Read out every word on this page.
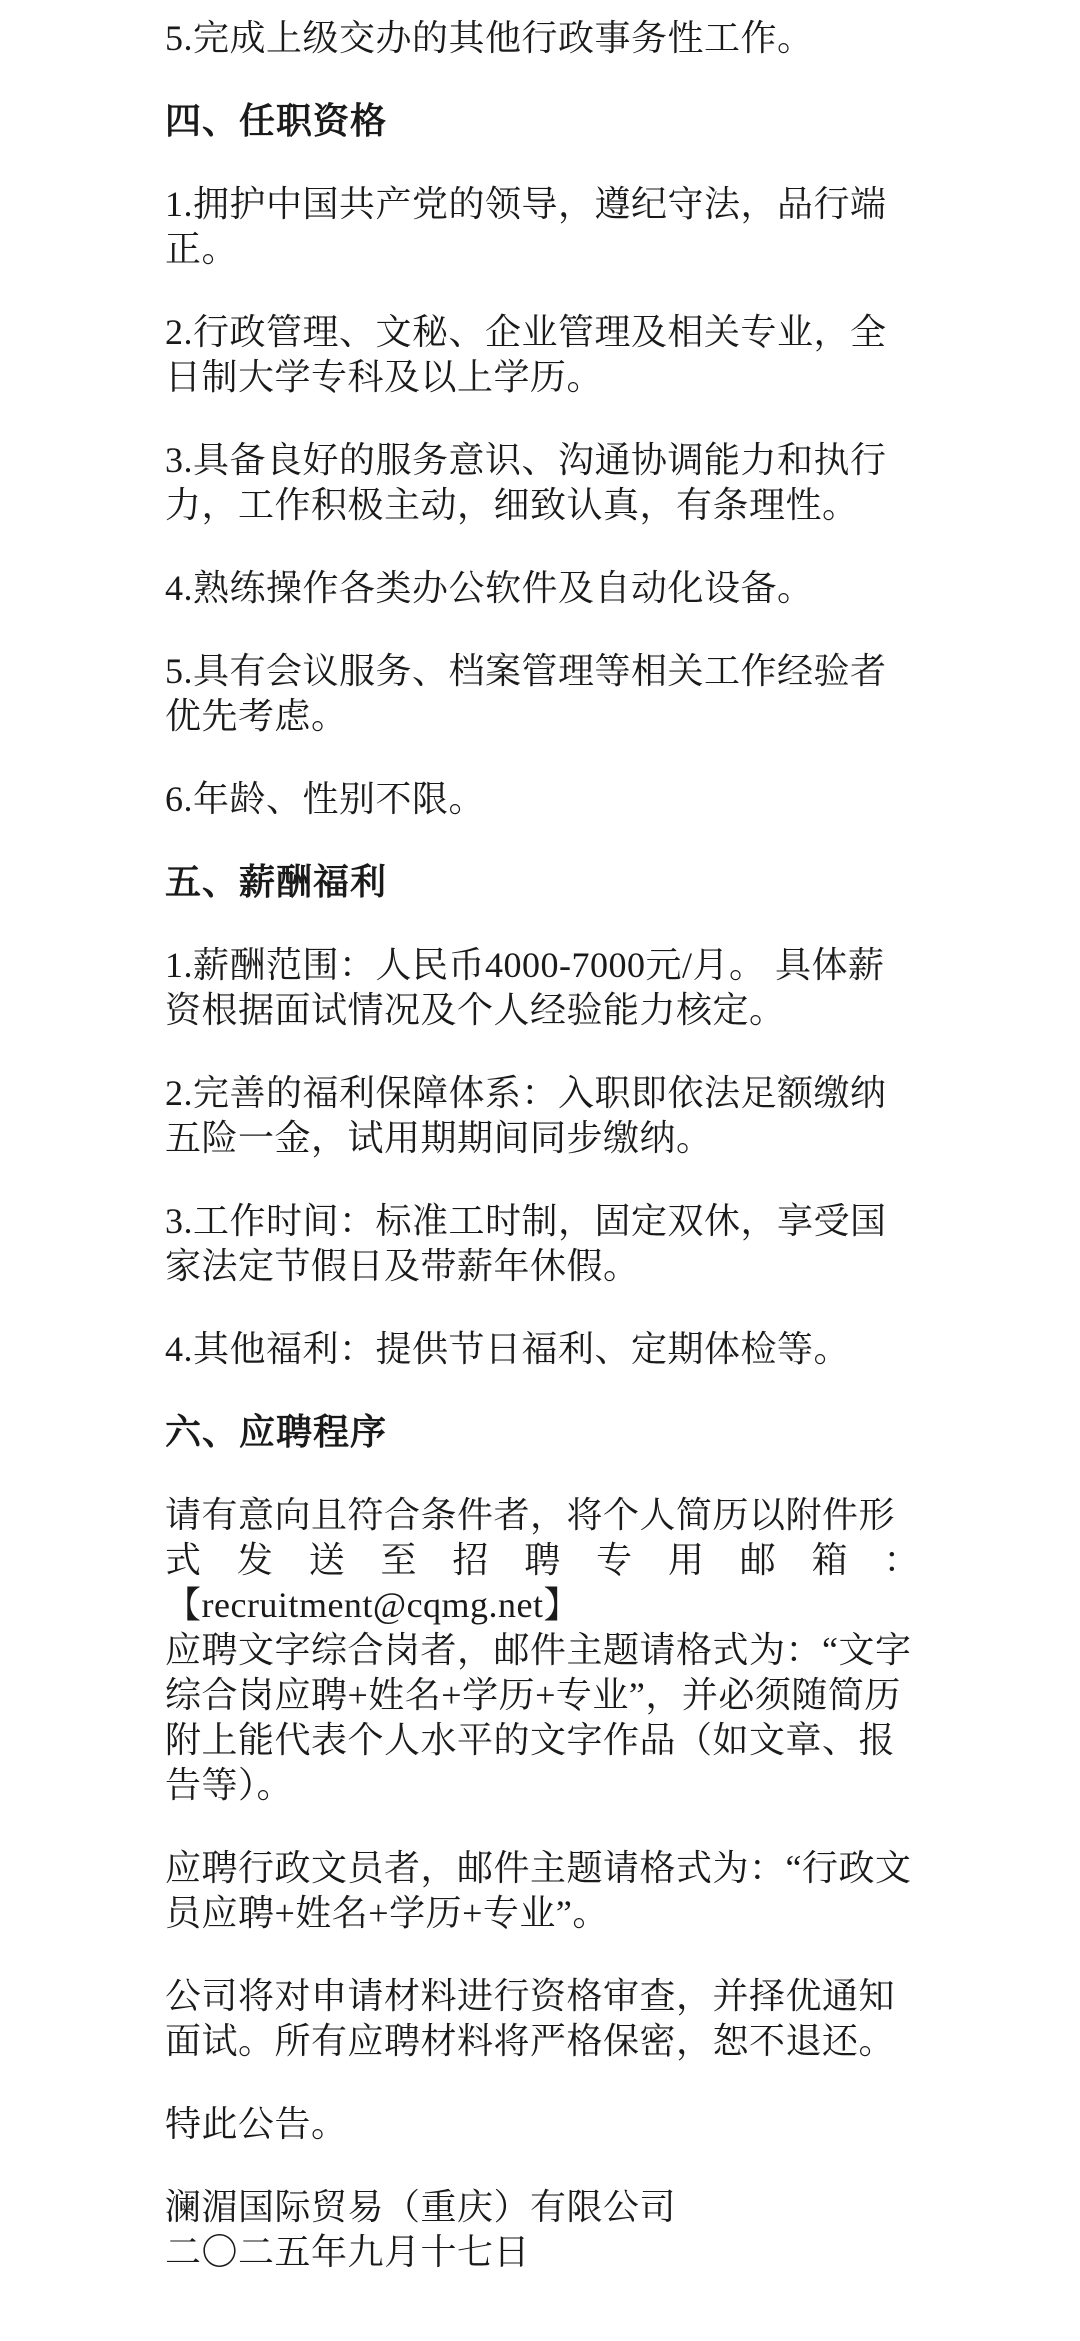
5.完成上级交办的其他行政事务性工作。
四、任职资格
1.拥护中国共产党的领导，遵纪守法，品行端正。
2.行政管理、文秘、企业管理及相关专业，全日制大学专科及以上学历。
3.具备良好的服务意识、沟通协调能力和执行力，工作积极主动，细致认真，有条理性。
4.熟练操作各类办公软件及自动化设备。
5.具有会议服务、档案管理等相关工作经验者优先考虑。
6.年龄、性别不限。
五、薪酬福利
1.薪酬范围：人民币4000-7000元/月。 具体薪资根据面试情况及个人经验能力核定。
2.完善的福利保障体系：入职即依法足额缴纳五险一金，试用期期间同步缴纳。
3.工作时间：标准工时制，固定双休，享受国家法定节假日及带薪年休假。
4.其他福利：提供节日福利、定期体检等。
六、应聘程序
请有意向且符合条件者，将个人简历以附件形
式发送至招聘专用邮箱：
【recruitment@cqmg.net】
应聘文字综合岗者，邮件主题请格式为：“文字综合岗应聘+姓名+学历+专业”，并必须随简历附上能代表个人水平的文字作品（如文章、报告等）。
应聘行政文员者，邮件主题请格式为：“行政文员应聘+姓名+学历+专业”。
公司将对申请材料进行资格审查，并择优通知面试。所有应聘材料将严格保密，恕不退还。
特此公告。
澜湄国际贸易（重庆）有限公司
二〇二五年九月十七日
